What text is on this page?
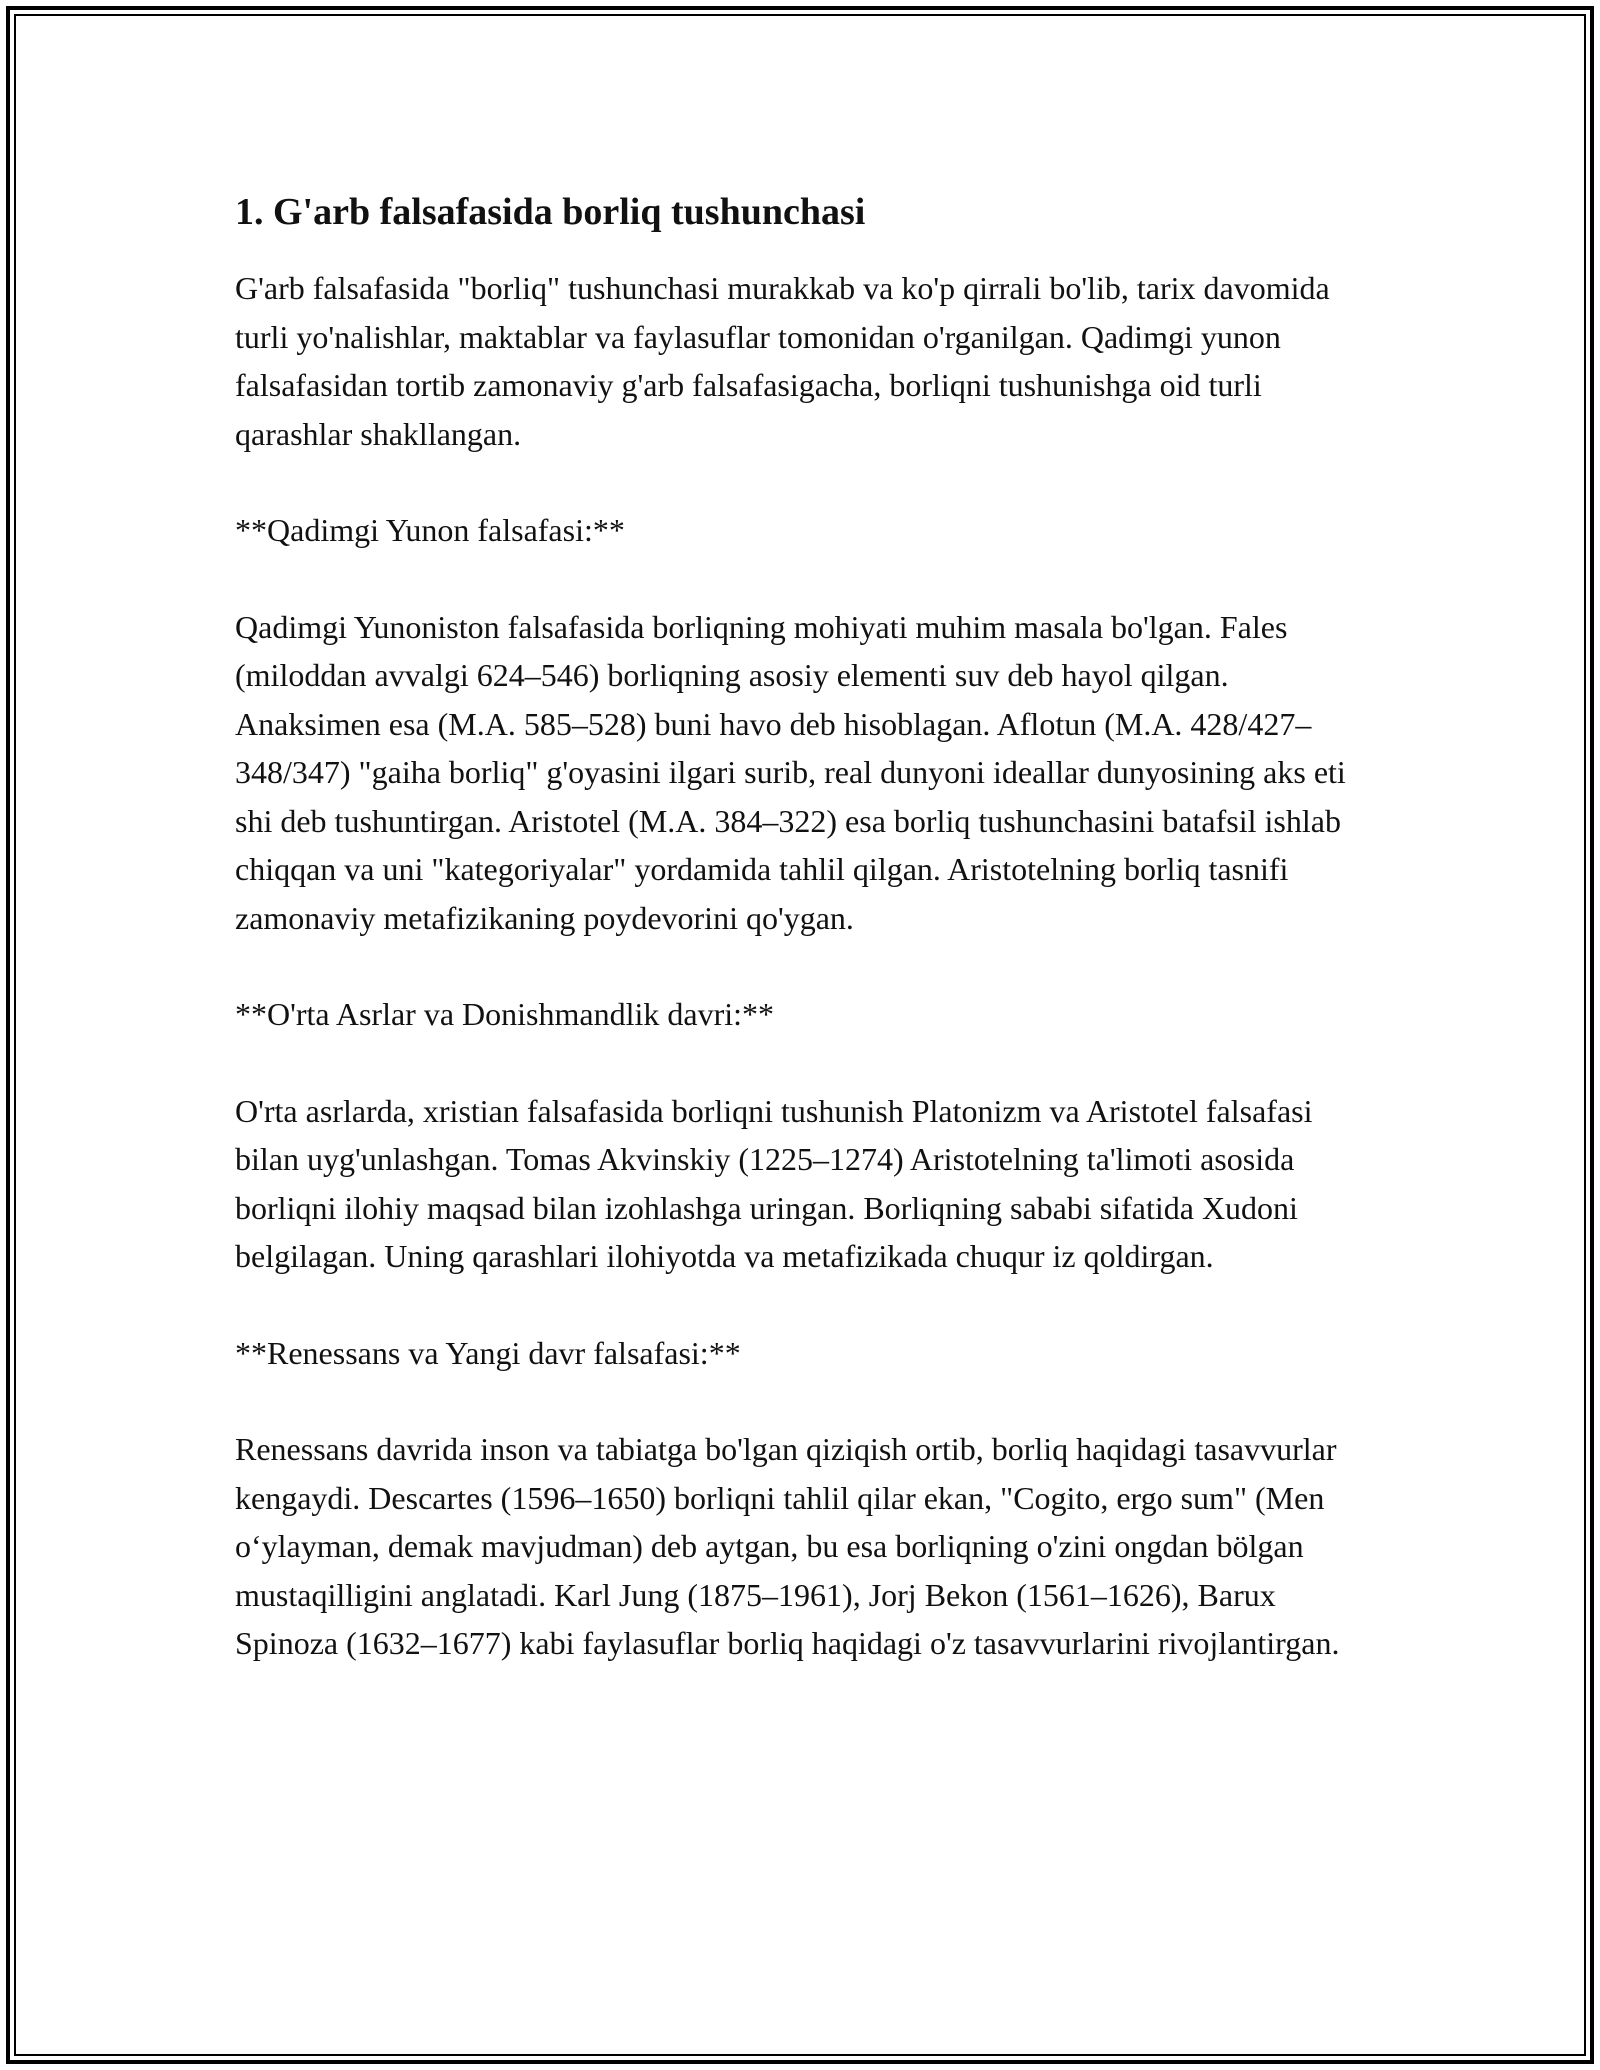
1. G'arb falsafasida borliq tushunchasi

G'arb falsafasida "borliq" tushunchasi murakkab va ko'p qirrali bo'lib, tarix davomida turli yo'nalishlar, maktablar va faylasuflar tomonidan o'rganilgan. Qadimgi yunon falsafasidan tortib zamonaviy g'arb falsafasigacha, borliqni tushunishga oid turli qarashlar shakllangan.

**Qadimgi Yunon falsafasi:**

Qadimgi Yunoniston falsafasida borliqning mohiyati muhim masala bo'lgan. Fales (miloddan avvalgi 624–546) borliqning asosiy elementi suv deb hayol qilgan. Anaksimen esa (M.A. 585–528) buni havo deb hisoblagan. Aflotun (M.A. 428/427–348/347) "gaiha borliq" g'oyasini ilgari surib, real dunyoni ideallar dunyosining aks eti shi deb tushuntirgan. Aristotel (M.A. 384–322) esa borliq tushunchasini batafsil ishlab chiqqan va uni "kategoriyalar" yordamida tahlil qilgan. Aristotelning borliq tasnifi zamonaviy metafizikaning poydevorini qo'ygan.

**O'rta Asrlar va Donishmandlik davri:**

O'rta asrlarda, xristian falsafasida borliqni tushunish Platonizm va Aristotel falsafasi bilan uyg'unlashgan. Tomas Akvinskiy (1225–1274) Aristotelning ta'limoti asosida borliqni ilohiy maqsad bilan izohlashga uringan. Borliqning sababi sifatida Xudoni belgilagan. Uning qarashlari ilohiyotda va metafizikada chuqur iz qoldirgan.

**Renessans va Yangi davr falsafasi:**

Renessans davrida inson va tabiatga bo'lgan qiziqish ortib, borliq haqidagi tasavvurlar kengaydi. Descartes (1596–1650) borliqni tahlil qilar ekan, "Cogito, ergo sum" (Men o‘ylayman, demak mavjudman) deb aytgan, bu esa borliqning o'zini ongdan bölgan mustaqilligini anglatadi. Karl Jung (1875–1961), Jorj Bekon (1561–1626), Barux Spinoza (1632–1677) kabi faylasuflar borliq haqidagi o'z tasavvurlarini rivojlantirgan.
